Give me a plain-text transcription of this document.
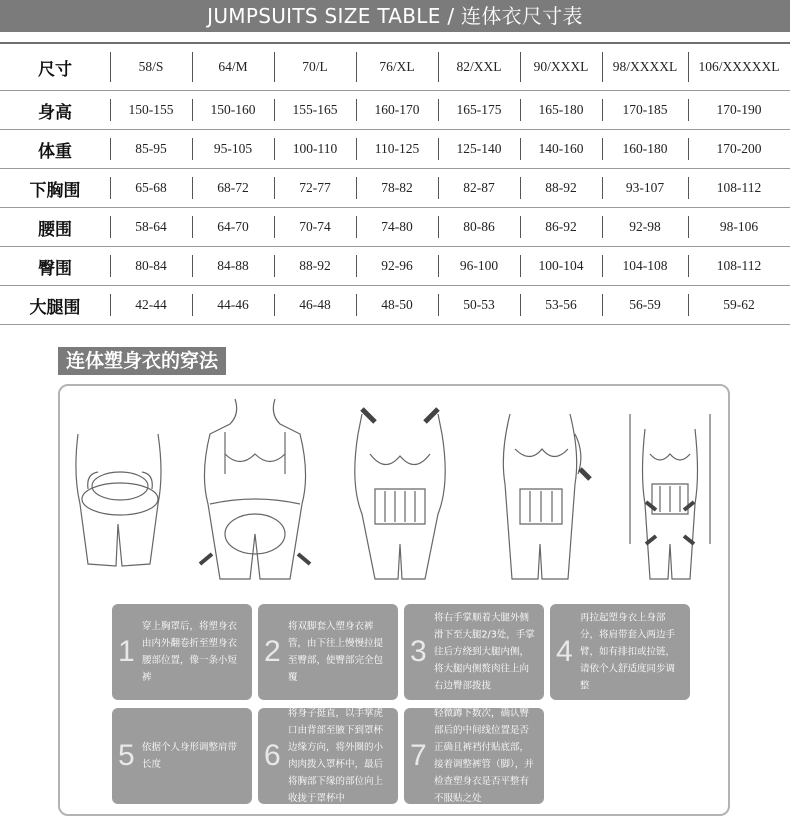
JUMPSUITS SIZE TABLE / 连体衣尺寸表
尺寸	58/S	64/M	70/L	76/XL	82/XXL	90/XXXL	98/XXXXL	106/XXXXXL
身高	150-155	150-160	155-165	160-170	165-175	165-180	170-185	170-190
体重	85-95	95-105	100-110	110-125	125-140	140-160	160-180	170-200
下胸围	65-68	68-72	72-77	78-82	82-87	88-92	93-107	108-112
腰围	58-64	64-70	70-74	74-80	80-86	86-92	92-98	98-106
臀围	80-84	84-88	88-92	92-96	96-100	100-104	104-108	108-112
大腿围	42-44	44-46	46-48	48-50	50-53	53-56	56-59	59-62
连体塑身衣的穿法
1
穿上胸罩后，将塑身衣由内外翻卷折至塑身衣腰部位置，像一条小短裤
2
将双脚套入塑身衣裤管，由下往上慢慢拉提至臀部，使臀部完全包覆
3
将右手掌顺着大腿外侧滑下至大腿2/3处，手掌往后方绕到大腿内侧，将大腿内侧赘肉往上向右边臀部拨拢
4
再拉起塑身衣上身部分，将肩带套入两边手臂，如有排扣或拉链，请依个人舒适度同步调整
5 依据个人身形调整肩带长度	6
将身子挺直，以手掌虎口由背部至腋下到罩杯边缘方向，将外圈的小肉肉拨入罩杯中，最后将胸部下缘的部位向上收拢于罩杯中
7
轻微蹲下数次，确认臀部后的中间线位置是否正确且裤裆付贴底部，接着调整裤管（脚），并检查塑身衣是否平整有不服贴之处
